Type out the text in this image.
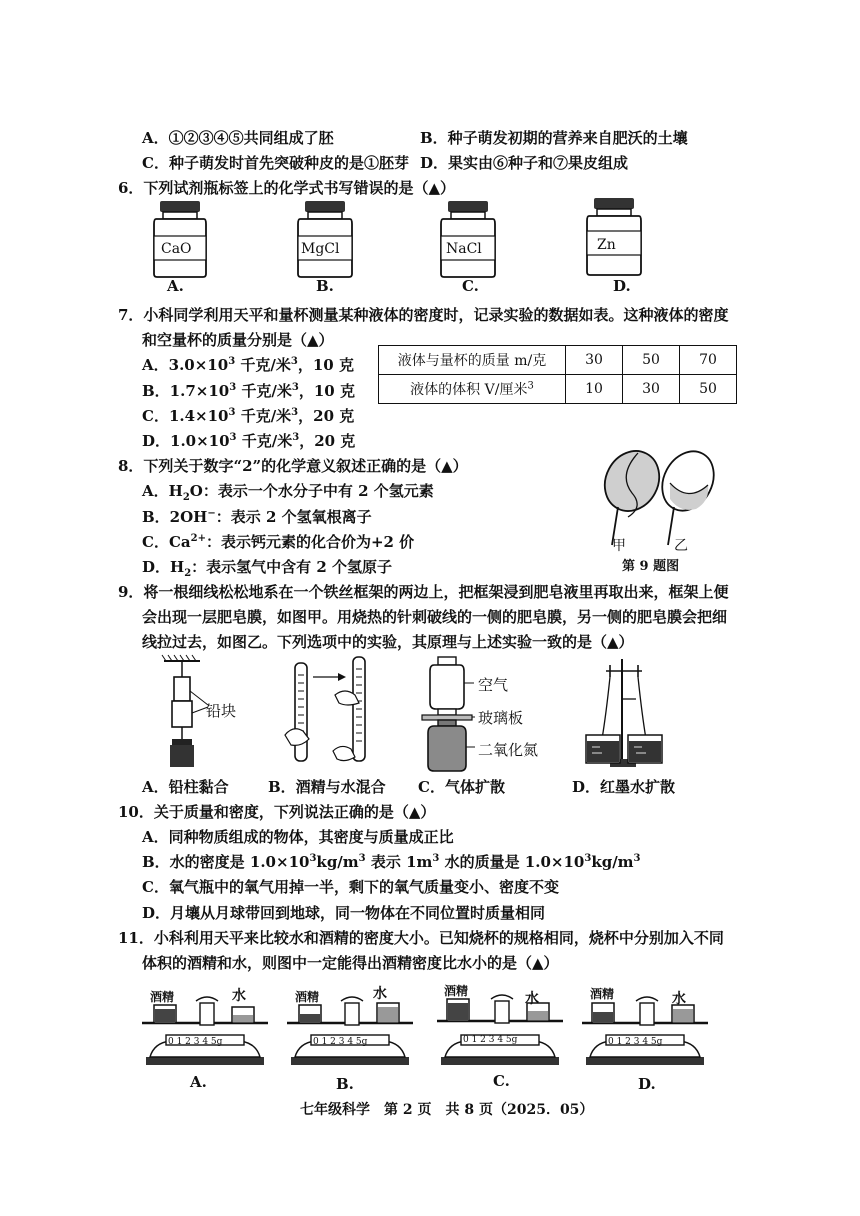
A．①②③④⑤共同组成了胚	B．种子萌发初期的营养来自肥沃的土壤
C．种子萌发时首先突破种皮的是①胚芽 D．果实由⑥种子和⑦果皮组成
6．下列试剂瓶标签上的化学式书写错误的是（▲）
CaO
A.
MgCl
B.
NaCl
C.
Zn
D.
7．小科同学利用天平和量杯测量某种液体的密度时，记录实验的数据如表。这种液体的密度
和空量杯的质量分别是（▲）
A．$3.0\times 10^3$ 千克/米$^3$，10 克
B．$1.7\times 10^3$ 千克/米$^3$，10 克
C．$1.4\times 10^3$ 千克/米$^3$，20 克
D．$1.0\times 10^3$ 千克/米$^3$，20 克
液体与量杯的质量 m/克	30	50	70
液体的体积 V/厘米$^3$	10	30	50
8．下列关于数字“2”的化学意义叙述正确的是（▲）
A．$H_2O$：表示一个水分子中有 2 个氢元素
B．2OH−：表示 2 个氢氧根离子
C．$Ca^{2+}$：表示钙元素的化合价为+2 价
D．$H_2$：表示氢气中含有 2 个氢原子
甲	乙
第 9 题图
9．将一根细线松松地系在一个铁丝框架的两边上，把框架浸到肥皂液里再取出来，框架上便
会出现一层肥皂膜，如图甲。用烧热的针刺破线的一侧的肥皂膜，另一侧的肥皂膜会把细
线拉过去，如图乙。下列选项中的实验，其原理与上述实验一致的是（▲）
铅块
空气
玻璃板
二氧化氮
A．铅柱黏合	B．酒精与水混合 C．气体扩散	D．红墨水扩散
10．关于质量和密度，下列说法正确的是（▲）
A．同种物质组成的物体，其密度与质量成正比
B．水的密度是 $1.0\times 10^3kg/m^3$ 表示 $1m^3$ 水的质量是 $1.0\times 10^3kg/m^3$
C．氧气瓶中的氧气用掉一半，剩下的氧气质量变小、密度不变
D．月壤从月球带回到地球，同一物体在不同位置时质量相同
11．小科利用天平来比较水和酒精的密度大小。已知烧杯的规格相同，烧杯中分别加入不同
体积的酒精和水，则图中一定能得出酒精密度比水小的是（▲）
酒精	水
0 1 2 3 4 5g
A.
酒精	水
0 1 2 3 4 5g
B.
酒精	水
0 1 2 3 4 5g
C.
酒精	水
0 1 2 3 4 5g
D.
七年级科学　第 2 页　共 8 页（2025．05）
